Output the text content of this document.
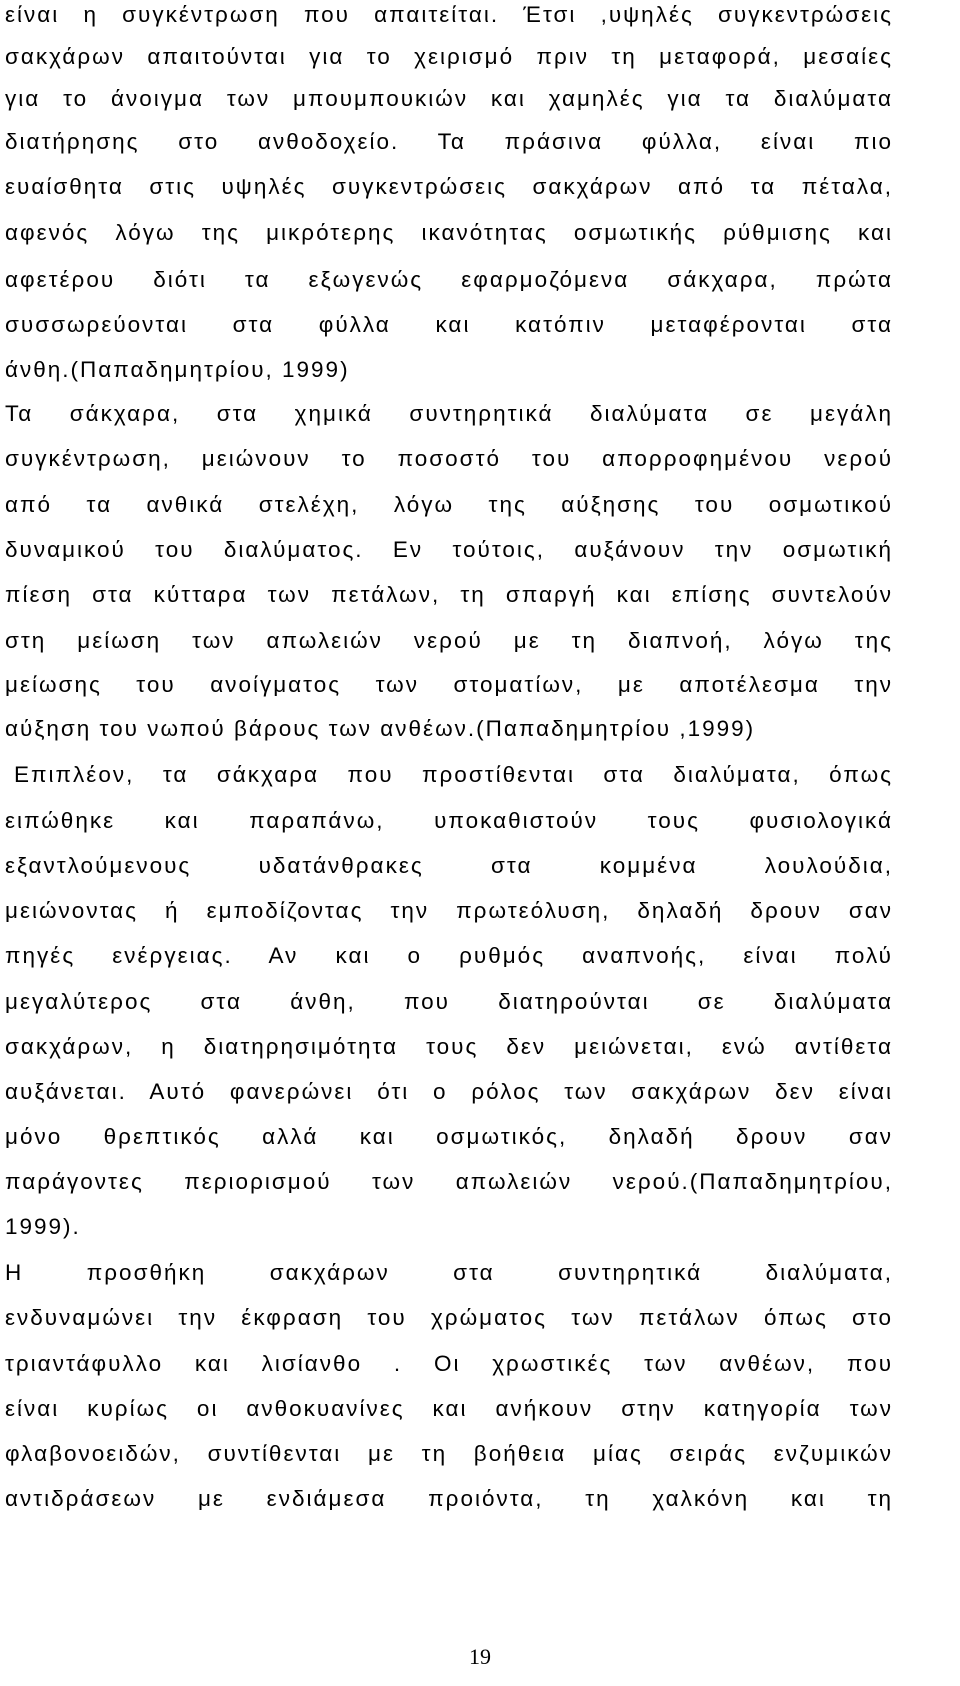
είναι η συγκέντρωση που απαιτείται. Έτσι ,υψηλές συγκεντρώσεις
σακχάρων απαιτούνται για το χειρισμό πριν τη μεταφορά, μεσαίες
για το άνοιγμα των μπουμπουκιών και χαμηλές για τα διαλύματα
διατήρησης στο ανθοδοχείο. Τα πράσινα φύλλα, είναι πιο
ευαίσθητα στις υψηλές συγκεντρώσεις σακχάρων από τα πέταλα,
αφενός λόγω της μικρότερης ικανότητας οσμωτικής ρύθμισης και
αφετέρου διότι τα εξωγενώς εφαρμοζόμενα σάκχαρα, πρώτα
συσσωρεύονται στα φύλλα και κατόπιν μεταφέρονται στα
άνθη.(Παπαδημητρίου, 1999)
Τα σάκχαρα, στα χημικά συντηρητικά διαλύματα σε μεγάλη
συγκέντρωση, μειώνουν το ποσοστό του απορροφημένου νερού
από τα ανθικά στελέχη, λόγω της αύξησης του οσμωτικού
δυναμικού του διαλύματος. Εν τούτοις, αυξάνουν την οσμωτική
πίεση στα κύτταρα των πετάλων, τη σπαργή και επίσης συντελούν
στη μείωση των απωλειών νερού με τη διαπνοή, λόγω της
μείωσης του ανοίγματος των στοματίων, με αποτέλεσμα την
αύξηση του νωπού βάρους των ανθέων.(Παπαδημητρίου ,1999)
Επιπλέον, τα σάκχαρα που προστίθενται στα διαλύματα, όπως
ειπώθηκε και παραπάνω, υποκαθιστούν τους φυσιολογικά
εξαντλούμενους υδατάνθρακες στα κομμένα λουλούδια,
μειώνοντας ή εμποδίζοντας την πρωτεόλυση, δηλαδή δρουν σαν
πηγές ενέργειας. Αν και ο ρυθμός αναπνοής, είναι πολύ
μεγαλύτερος στα άνθη, που διατηρούνται σε διαλύματα
σακχάρων, η διατηρησιμότητα τους δεν μειώνεται, ενώ αντίθετα
αυξάνεται. Αυτό φανερώνει ότι ο ρόλος των σακχάρων δεν είναι
μόνο θρεπτικός αλλά και οσμωτικός, δηλαδή δρουν σαν
παράγοντες περιορισμού των απωλειών νερού.(Παπαδημητρίου,
1999).
Η προσθήκη σακχάρων στα συντηρητικά διαλύματα,
ενδυναμώνει την έκφραση του χρώματος των πετάλων όπως στο
τριαντάφυλλο και λισίανθο . Οι χρωστικές των ανθέων, που
είναι κυρίως οι ανθοκυανίνες και ανήκουν στην κατηγορία των
φλαβονοειδών, συντίθενται με τη βοήθεια μίας σειράς ενζυμικών
αντιδράσεων με ενδιάμεσα προιόντα, τη χαλκόνη και τη
19
